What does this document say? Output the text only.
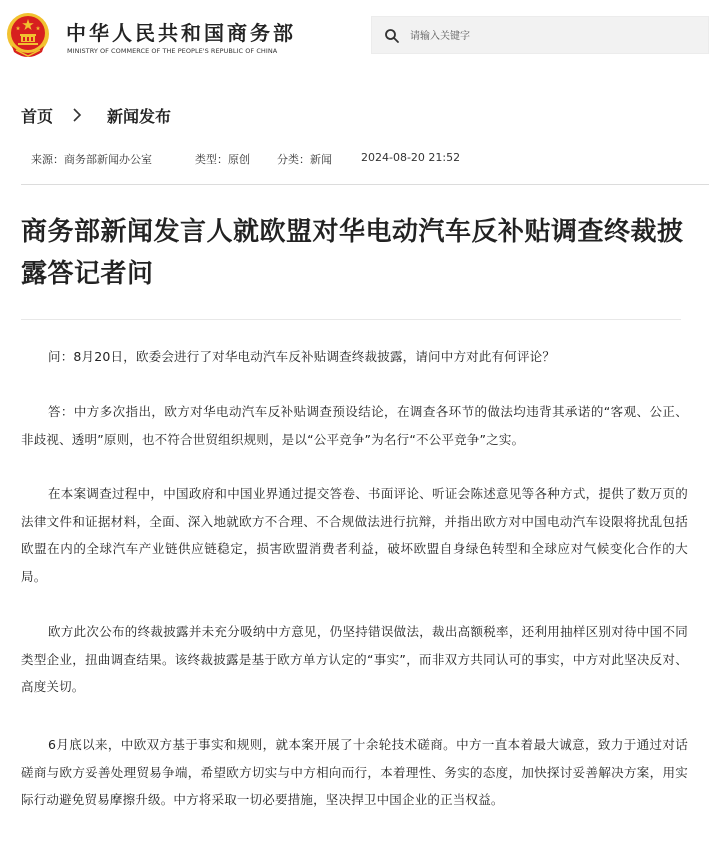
中华人民共和国商务部
MINISTRY OF COMMERCE OF THE PEOPLE'S REPUBLIC OF CHINA
请输入关键字
首页	新闻发布
来源：商务部新闻办公室	类型：原创	分类：新闻	2024-08-20 21:52
商务部新闻发言人就欧盟对华电动汽车反补贴调查终裁披露答记者问

问：8月20日，欧委会进行了对华电动汽车反补贴调查终裁披露，请问中方对此有何评论？

答：中方多次指出，欧方对华电动汽车反补贴调查预设结论，在调查各环节的做法均违背其承诺的“客观、公正、非歧视、透明”原则，也不符合世贸组织规则，是以“公平竞争”为名行“不公平竞争”之实。

在本案调查过程中，中国政府和中国业界通过提交答卷、书面评论、听证会陈述意见等各种方式，提供了数万页的法律文件和证据材料，全面、深入地就欧方不合理、不合规做法进行抗辩，并指出欧方对中国电动汽车设限将扰乱包括欧盟在内的全球汽车产业链供应链稳定，损害欧盟消费者利益，破坏欧盟自身绿色转型和全球应对气候变化合作的大局。

欧方此次公布的终裁披露并未充分吸纳中方意见，仍坚持错误做法，裁出高额税率，还利用抽样区别对待中国不同类型企业，扭曲调查结果。该终裁披露是基于欧方单方认定的“事实”，而非双方共同认可的事实，中方对此坚决反对、高度关切。

6月底以来，中欧双方基于事实和规则，就本案开展了十余轮技术磋商。中方一直本着最大诚意，致力于通过对话磋商与欧方妥善处理贸易争端，希望欧方切实与中方相向而行，本着理性、务实的态度，加快探讨妥善解决方案，用实际行动避免贸易摩擦升级。中方将采取一切必要措施，坚决捍卫中国企业的正当权益。
